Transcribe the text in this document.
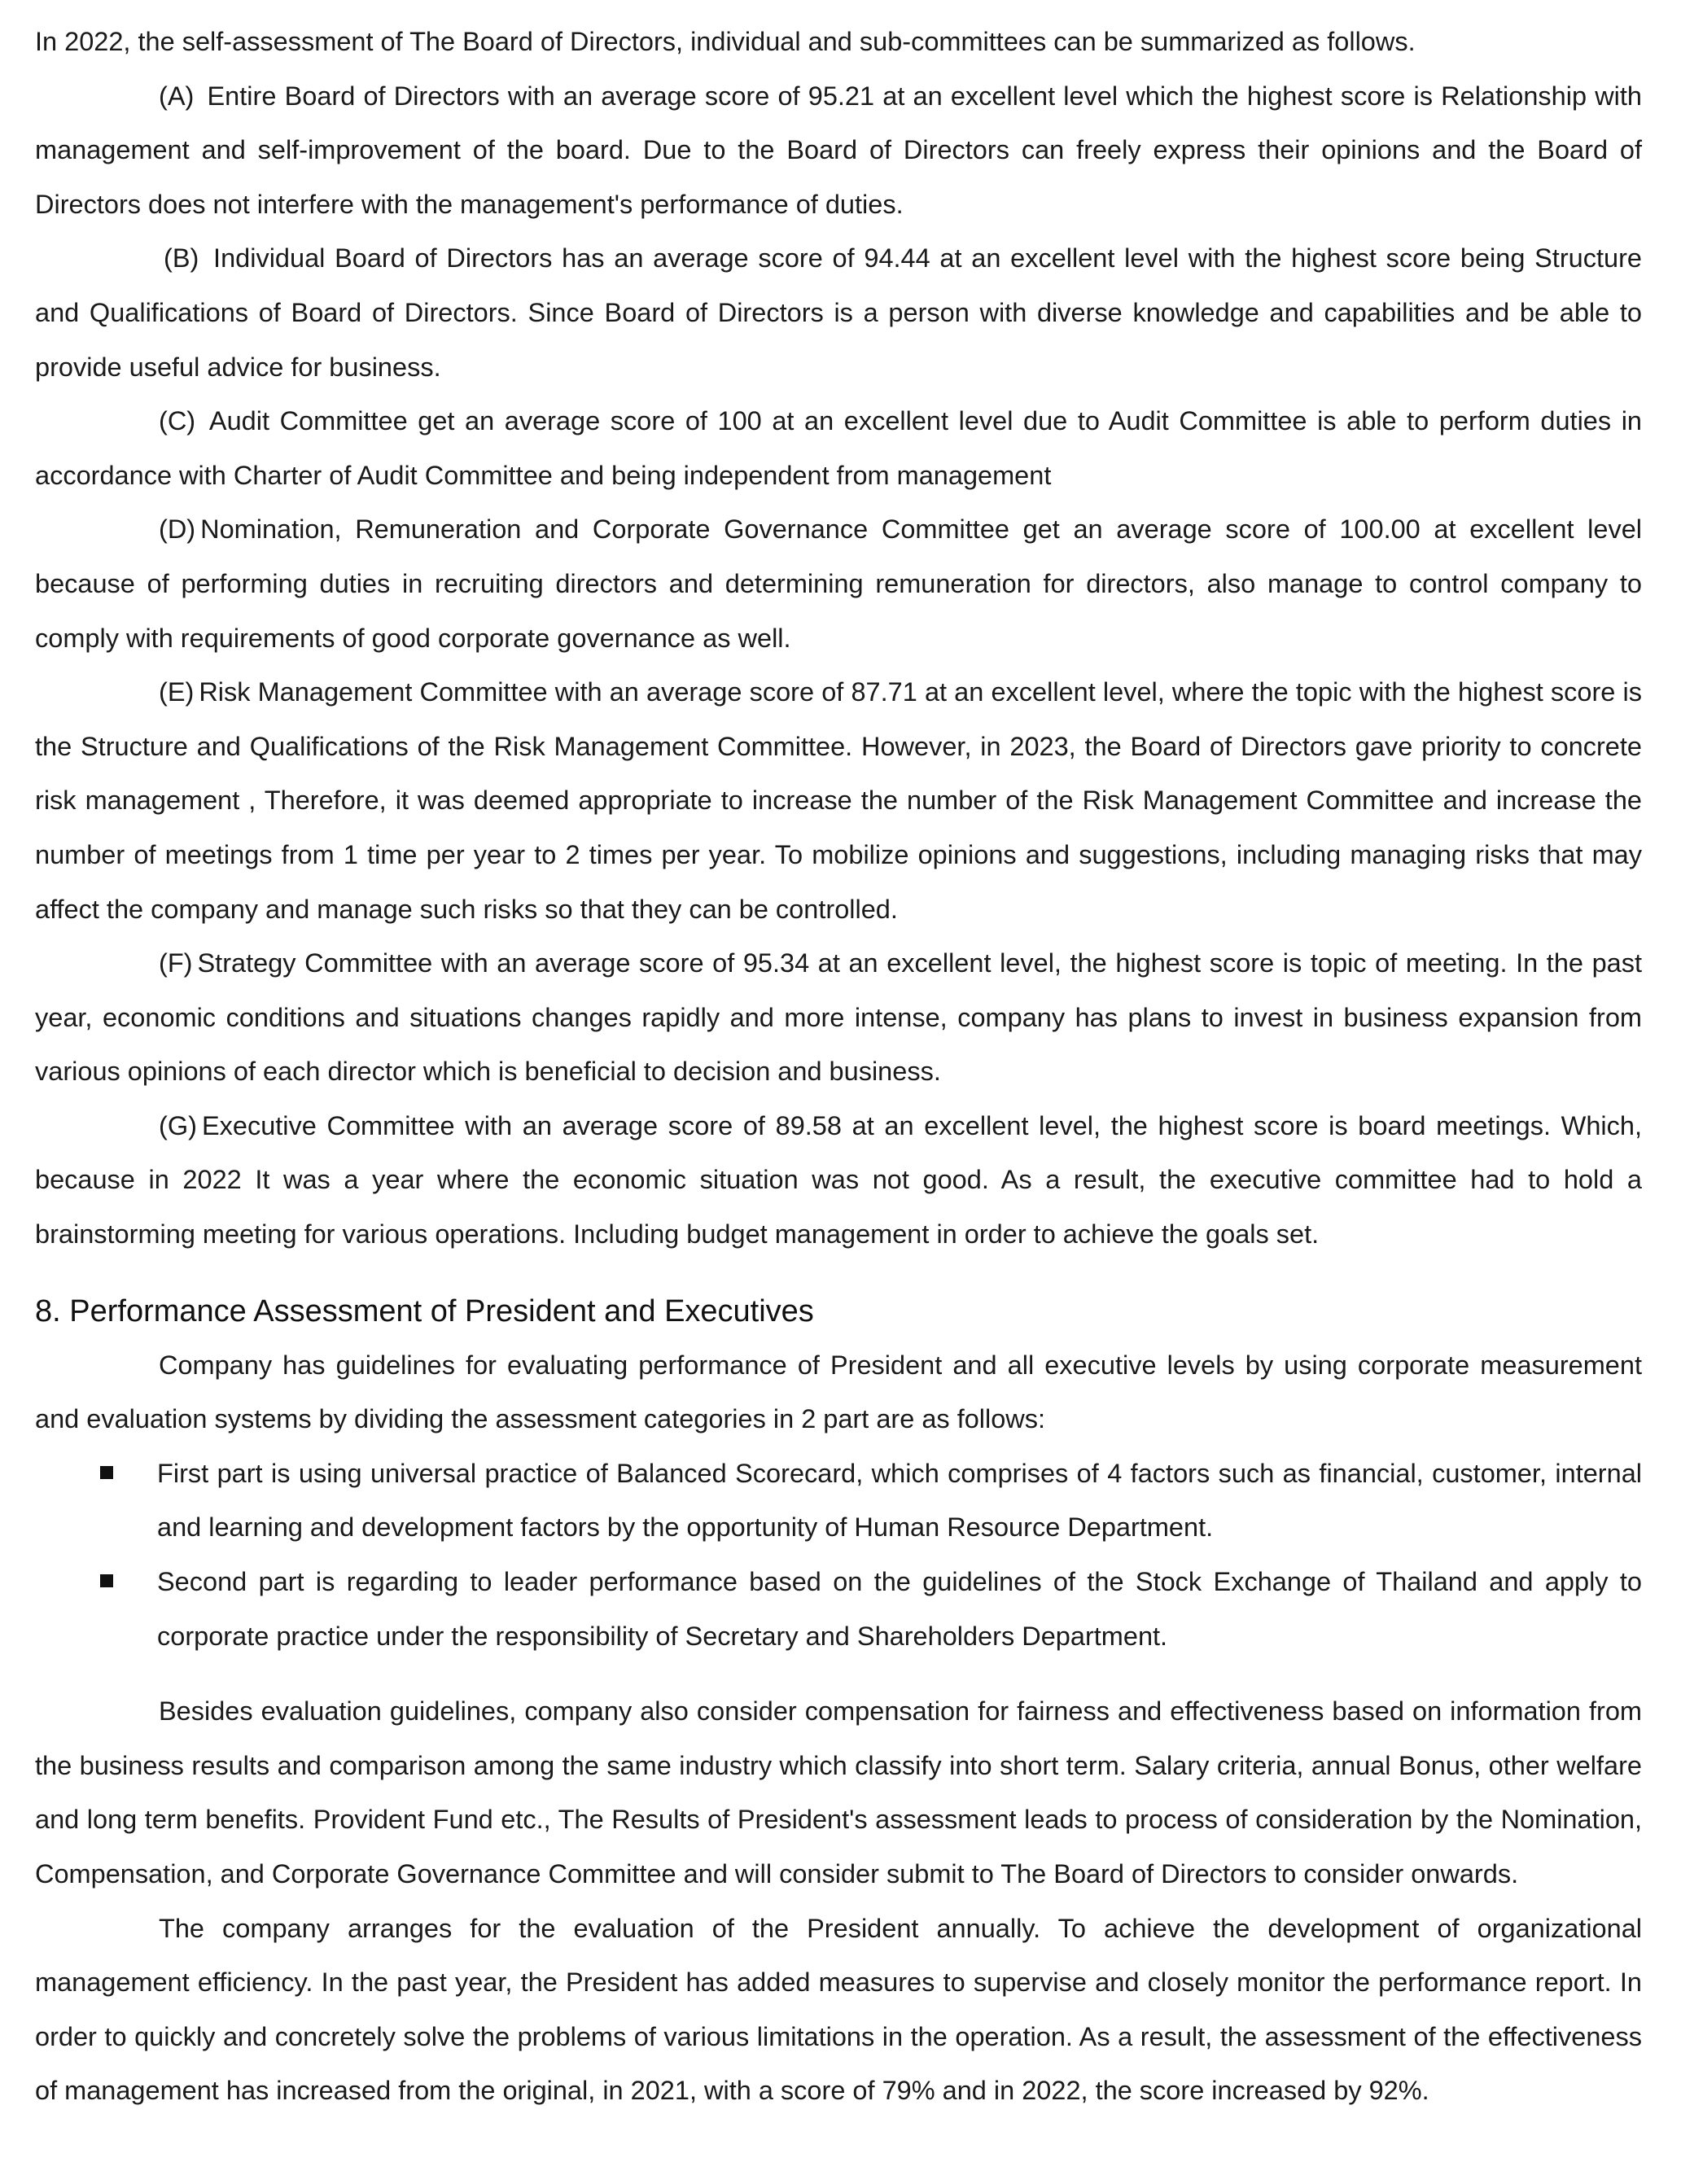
In 2022, the self-assessment of The Board of Directors, individual and sub-committees can be summarized as follows.

(A) Entire Board of Directors with an average score of 95.21 at an excellent level which the highest score is Relationship with management and self-improvement of the board. Due to the Board of Directors can freely express their opinions and the Board of Directors does not interfere with the management's performance of duties.

(B) Individual Board of Directors has an average score of 94.44 at an excellent level with the highest score being Structure and Qualifications of Board of Directors. Since Board of Directors is a person with diverse knowledge and capabilities and be able to provide useful advice for business.

(C) Audit Committee get an average score of 100 at an excellent level due to Audit Committee is able to perform duties in accordance with Charter of Audit Committee and being independent from management

(D) Nomination, Remuneration and Corporate Governance Committee get an average score of 100.00 at excellent level because of performing duties in recruiting directors and determining remuneration for directors, also manage to control company to comply with requirements of good corporate governance as well.

(E) Risk Management Committee with an average score of 87.71 at an excellent level, where the topic with the highest score is the Structure and Qualifications of the Risk Management Committee. However, in 2023, the Board of Directors gave priority to concrete risk management , Therefore, it was deemed appropriate to increase the number of the Risk Management Committee and increase the number of meetings from 1 time per year to 2 times per year. To mobilize opinions and suggestions, including managing risks that may affect the company and manage such risks so that they can be controlled.

(F) Strategy Committee with an average score of 95.34 at an excellent level, the highest score is topic of meeting. In the past year, economic conditions and situations changes rapidly and more intense, company has plans to invest in business expansion from various opinions of each director which is beneficial to decision and business.

(G) Executive Committee with an average score of 89.58 at an excellent level, the highest score is board meetings. Which, because in 2022 It was a year where the economic situation was not good. As a result, the executive committee had to hold a brainstorming meeting for various operations. Including budget management in order to achieve the goals set.

8. Performance Assessment of President and Executives

Company has guidelines for evaluating performance of President and all executive levels by using corporate measurement and evaluation systems by dividing the assessment categories in 2 part are as follows:

First part is using universal practice of Balanced Scorecard, which comprises of 4 factors such as financial, customer, internal and learning and development factors by the opportunity of Human Resource Department.
Second part is regarding to leader performance based on the guidelines of the Stock Exchange of Thailand and apply to corporate practice under the responsibility of Secretary and Shareholders Department.

Besides evaluation guidelines, company also consider compensation for fairness and effectiveness based on information from the business results and comparison among the same industry which classify into short term. Salary criteria, annual Bonus, other welfare and long term benefits. Provident Fund etc., The Results of President's assessment leads to process of consideration by the Nomination, Compensation, and Corporate Governance Committee and will consider submit to The Board of Directors to consider onwards.

The company arranges for the evaluation of the President annually. To achieve the development of organizational management efficiency. In the past year, the President has added measures to supervise and closely monitor the performance report. In order to quickly and concretely solve the problems of various limitations in the operation. As a result, the assessment of the effectiveness of management has increased from the original, in 2021, with a score of 79% and in 2022, the score increased by 92%.
